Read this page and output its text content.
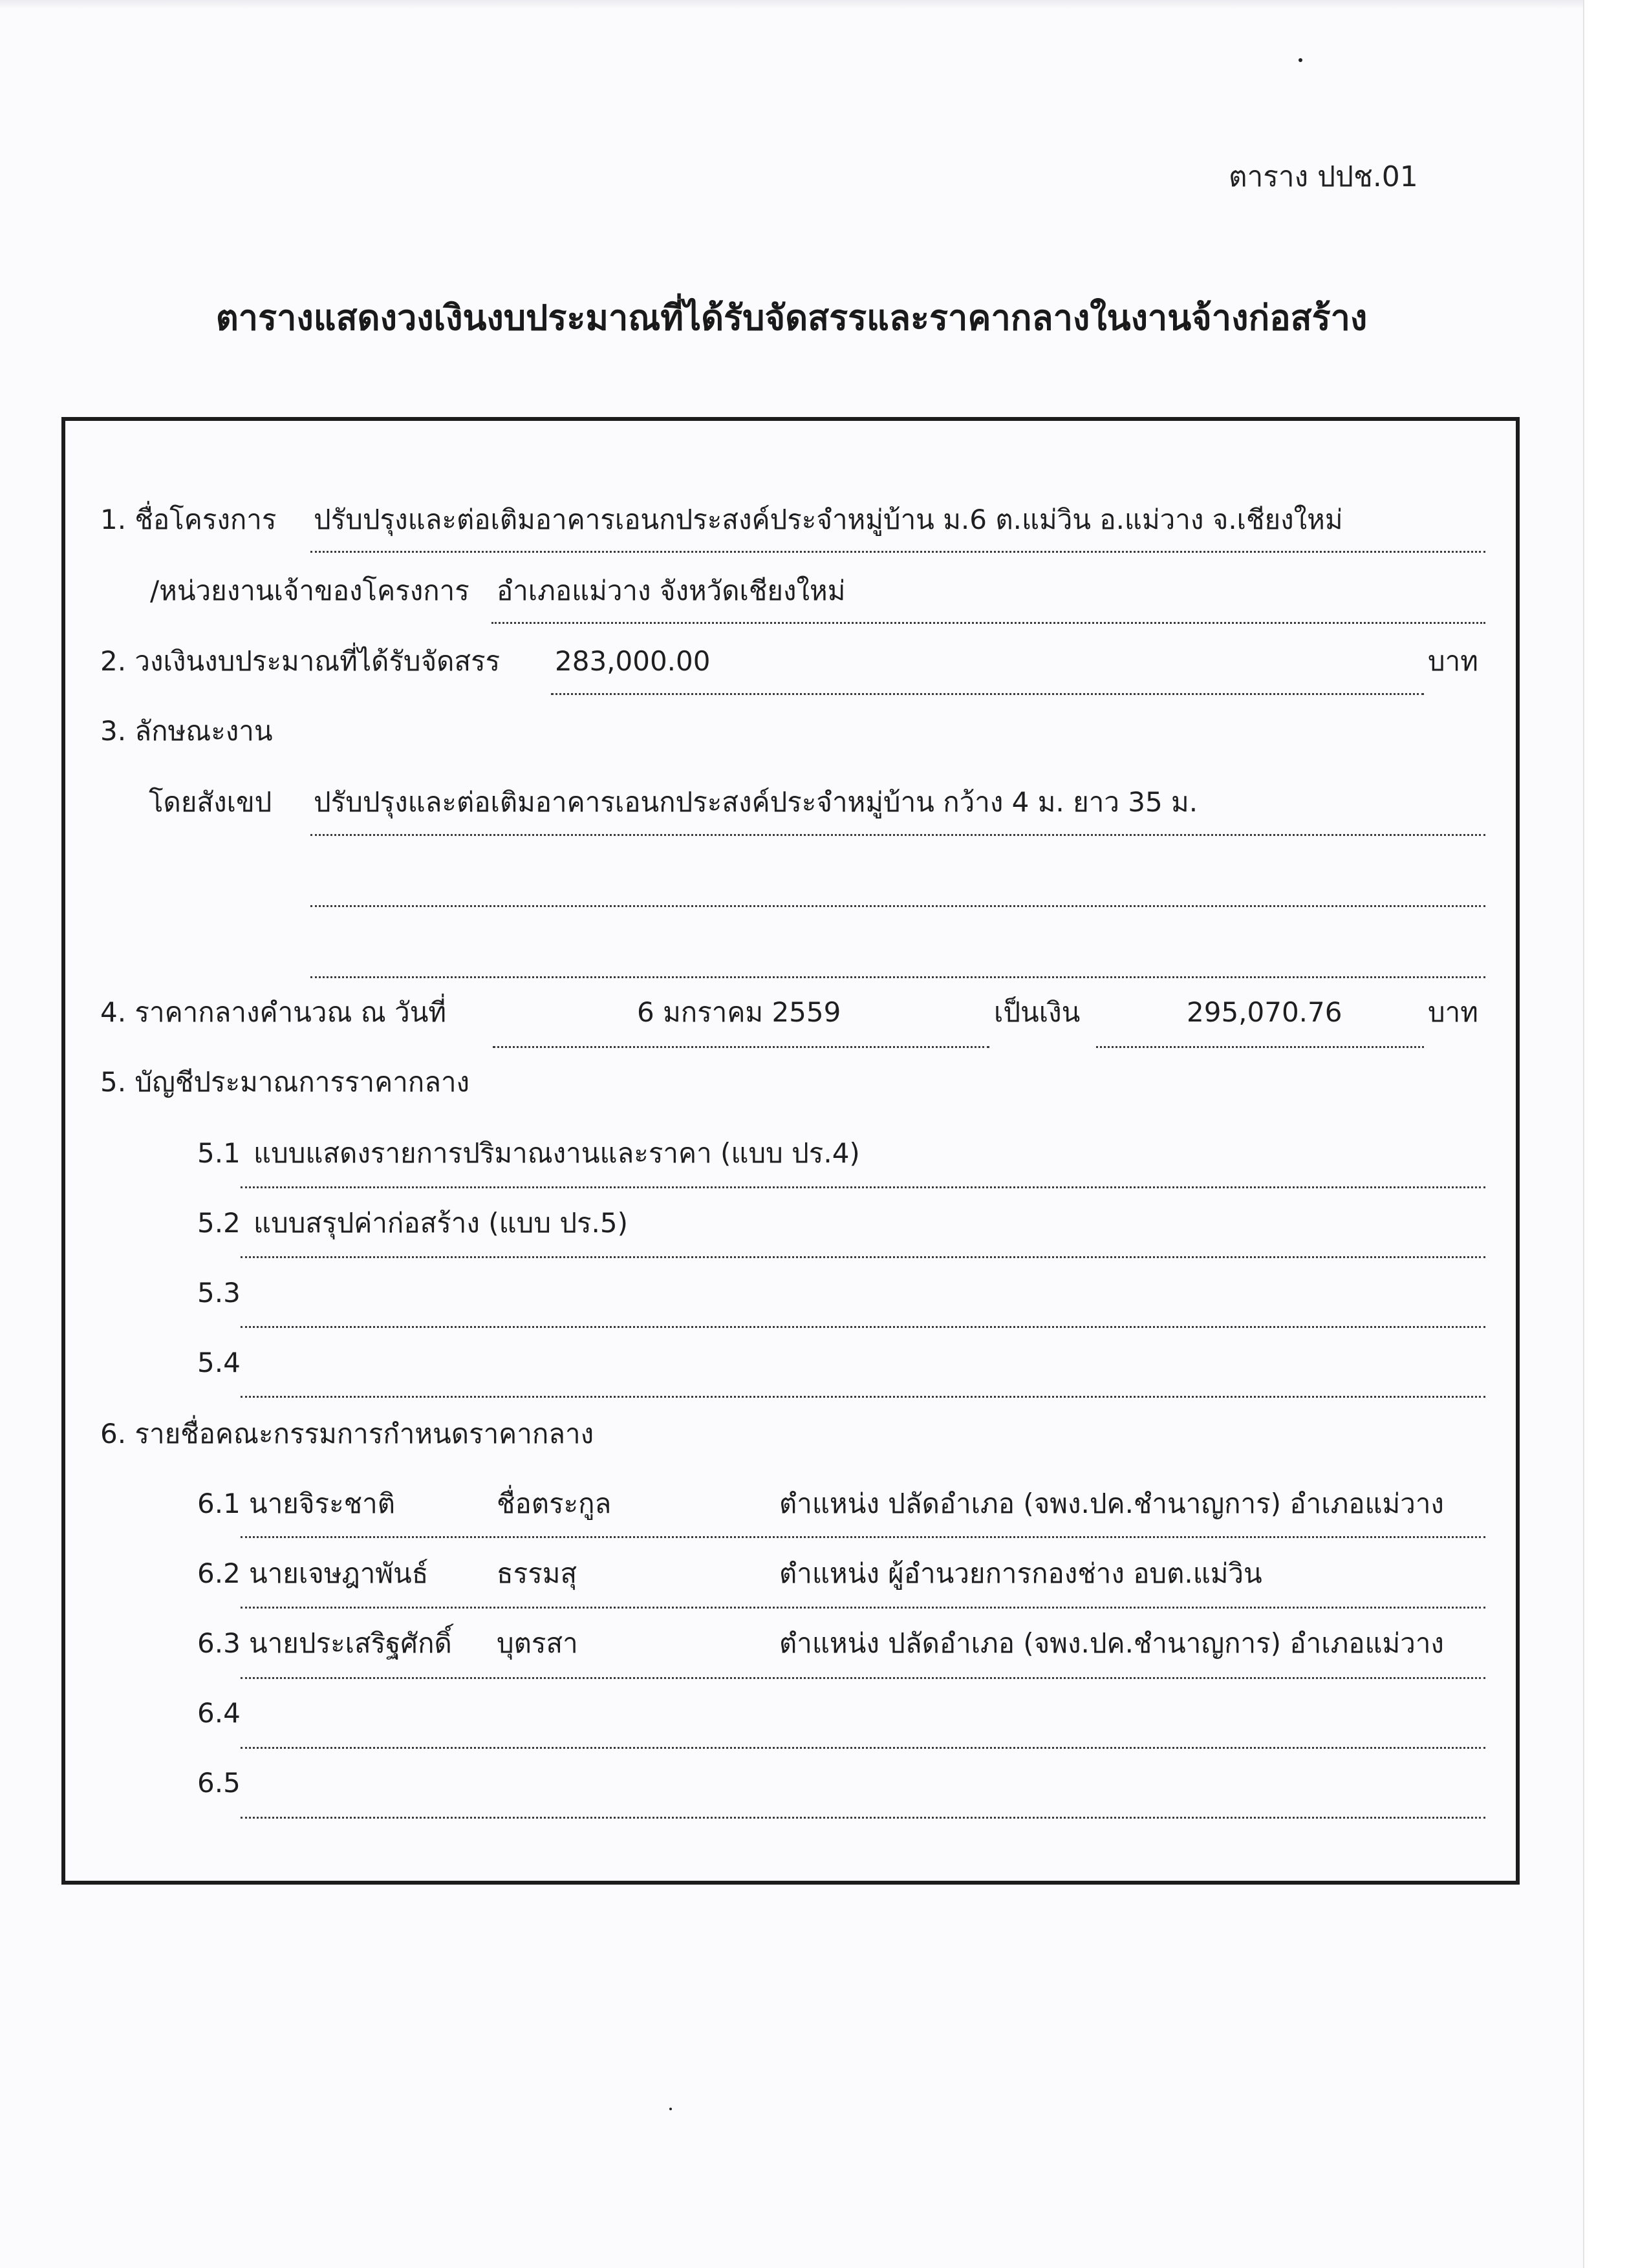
ตาราง ปปช.01
ตารางแสดงวงเงินงบประมาณที่ได้รับจัดสรรและราคากลางในงานจ้างก่อสร้าง
1. ชื่อโครงการ ปรับปรุงและต่อเติมอาคารเอนกประสงค์ประจำหมู่บ้าน ม.6 ต.แม่วิน อ.แม่วาง จ.เชียงใหม่
/หน่วยงานเจ้าของโครงการ อำเภอแม่วาง จังหวัดเชียงใหม่
2. วงเงินงบประมาณที่ได้รับจัดสรร 283,000.00	บาท
3. ลักษณะงาน
โดยสังเขป ปรับปรุงและต่อเติมอาคารเอนกประสงค์ประจำหมู่บ้าน กว้าง 4 ม. ยาว 35 ม.
4. ราคากลางคำนวณ ณ วันที่	6 มกราคม 2559	เป็นเงิน	295,070.76	บาท
5. บัญชีประมาณการราคากลาง
5.1 แบบแสดงรายการปริมาณงานและราคา (แบบ ปร.4)
5.2 แบบสรุปค่าก่อสร้าง (แบบ ปร.5)
5.3
5.4
6. รายชื่อคณะกรรมการกำหนดราคากลาง
6.1 นายจิระชาติ	ชื่อตระกูล	ตำแหน่ง ปลัดอำเภอ (จพง.ปค.ชำนาญการ) อำเภอแม่วาง
6.2 นายเจษฎาพันธ์	ธรรมสุ	ตำแหน่ง ผู้อำนวยการกองช่าง อบต.แม่วิน
6.3 นายประเสริฐศักดิ์ บุตรสา	ตำแหน่ง ปลัดอำเภอ (จพง.ปค.ชำนาญการ) อำเภอแม่วาง
6.4
6.5
